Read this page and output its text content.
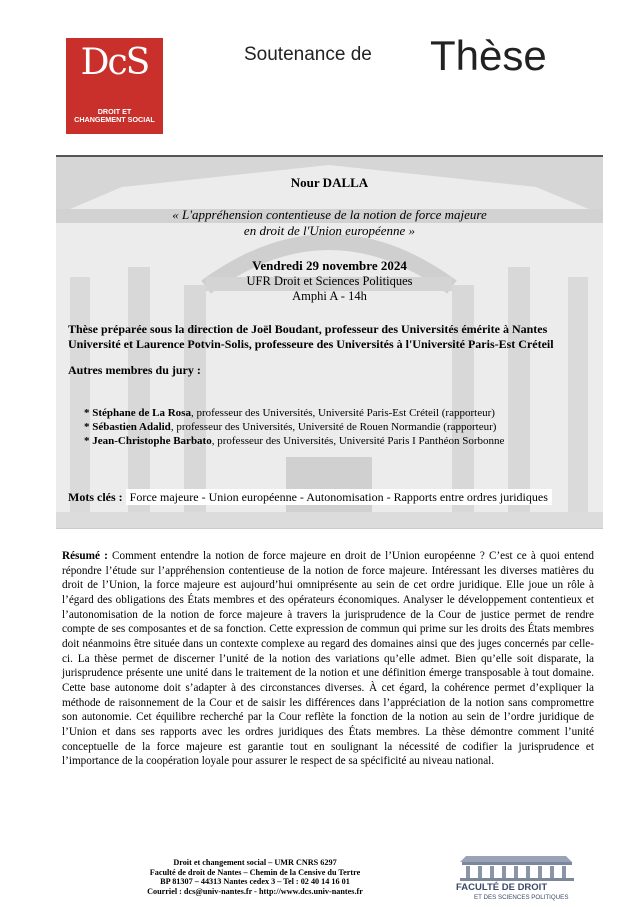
DcS
DROIT ET
CHANGEMENT SOCIAL
Soutenance de Thèse
Nour DALLA
« L'appréhension contentieuse de la notion de force majeure
en droit de l'Union européenne »
Vendredi 29 novembre 2024
UFR Droit et Sciences Politiques
Amphi A - 14h
Thèse préparée sous la direction de Joël Boudant, professeur des Universités émérite à Nantes Université et Laurence Potvin-Solis, professeure des Universités à l'Université Paris-Est Créteil
Autres membres du jury :
* Stéphane de La Rosa, professeur des Universités, Université Paris-Est Créteil (rapporteur)
* Sébastien Adalid, professeur des Universités, Université de Rouen Normandie (rapporteur)
* Jean-Christophe Barbato, professeur des Universités, Université Paris I Panthéon Sorbonne
Mots clés : Force majeure - Union européenne - Autonomisation - Rapports entre ordres juridiques
Résumé : Comment entendre la notion de force majeure en droit de l’Union européenne ? C’est ce à quoi entend répondre l’étude sur l’appréhension contentieuse de la notion de force majeure. Intéressant les diverses matières du droit de l’Union, la force majeure est aujourd’hui omniprésente au sein de cet ordre juridique. Elle joue un rôle à l’égard des obligations des États membres et des opérateurs économiques. Analyser le développement contentieux et l’autonomisation de la notion de force majeure à travers la jurisprudence de la Cour de justice permet de rendre compte de ses composantes et de sa fonction. Cette expression de commun qui prime sur les droits des États membres doit néanmoins être située dans un contexte complexe au regard des domaines ainsi que des juges concernés par celle-ci. La thèse permet de discerner l’unité de la notion des variations qu’elle admet. Bien qu’elle soit disparate, la jurisprudence présente une unité dans le traitement de la notion et une définition émerge transposable à tout domaine. Cette base autonome doit s’adapter à des circonstances diverses. À cet égard, la cohérence permet d’expliquer la méthode de raisonnement de la Cour et de saisir les différences dans l’appréciation de la notion sans compromettre son autonomie. Cet équilibre recherché par la Cour reflète la fonction de la notion au sein de l’ordre juridique de l’Union et dans ses rapports avec les ordres juridiques des États membres. La thèse démontre comment l’unité conceptuelle de la force majeure est garantie tout en soulignant la nécessité de codifier la jurisprudence et l’importance de la coopération loyale pour assurer le respect de sa spécificité au niveau national.
Droit et changement social – UMR CNRS 6297
Faculté de droit de Nantes – Chemin de la Censive du Tertre
BP 81307 – 44313 Nantes cedex 3 – Tel : 02 40 14 16 01
Courriel : dcs@univ-nantes.fr - http://www.dcs.univ-nantes.fr	FACULTÉ DE DROIT
ET DES SCIENCES POLITIQUES
